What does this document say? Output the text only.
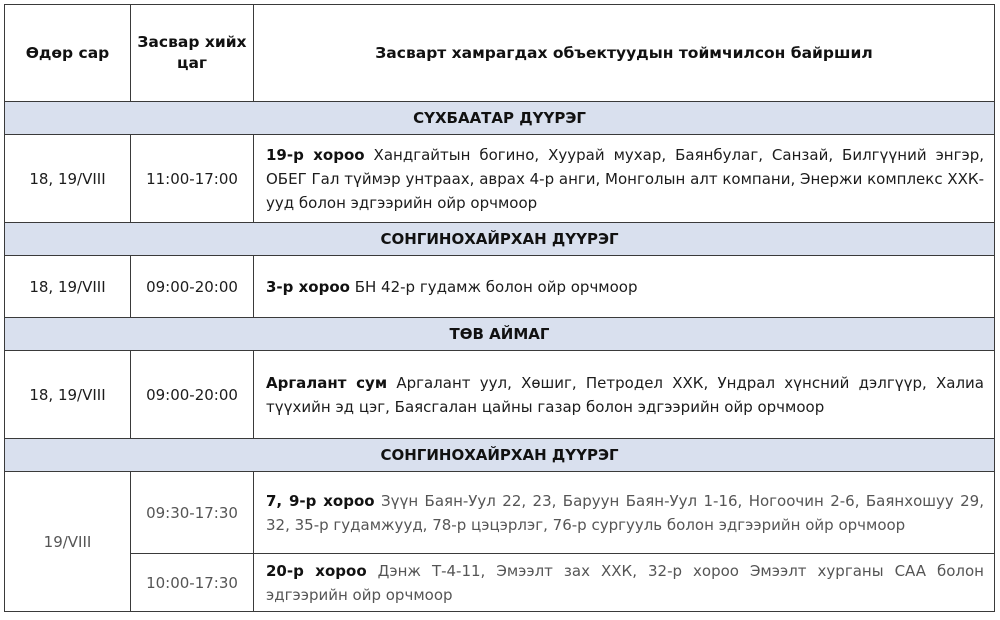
Өдөр сар	Засвар хийх цаг	Засварт хамрагдах объектуудын тоймчилсон байршил
СҮХБААТАР ДҮҮРЭГ		
18, 19/VIII	11:00-17:00	19-р хороо Хандгайтын богино, Хуурай мухар, Баянбулаг, Санзай, Билгүүний энгэр, ОБЕГ Гал түймэр унтраах, аврах 4-р анги, Монголын алт компани, Энержи комплекс ХХК-ууд болон эдгээрийн ойр орчмоор
СОНГИНОХАЙРХАН ДҮҮРЭГ		
18, 19/VIII	09:00-20:00	3-р хороо БН 42-р гудамж болон ойр орчмоор
ТӨВ АЙМАГ		
18, 19/VIII	09:00-20:00	Аргалант сум Аргалант уул, Хөшиг, Петродел ХХК, Ундрал хүнсний дэлгүүр, Халиа түүхийн эд цэг, Баясгалан цайны газар болон эдгээрийн ойр орчмоор
СОНГИНОХАЙРХАН ДҮҮРЭГ		
19/VIII	09:30-17:30	7, 9-р хороо Зүүн Баян-Уул 22, 23, Баруун Баян-Уул 1-16, Ногоочин 2-6, Баянхошуу 29, 32, 35-р гудамжууд, 78-р цэцэрлэг, 76-р сургууль болон эдгээрийн ойр орчмоор
	10:00-17:30	20-р хороо Дэнж Т-4-11, Эмээлт зах ХХК, 32-р хороо Эмээлт хурганы СAA болон эдгээрийн ойр орчмоор
